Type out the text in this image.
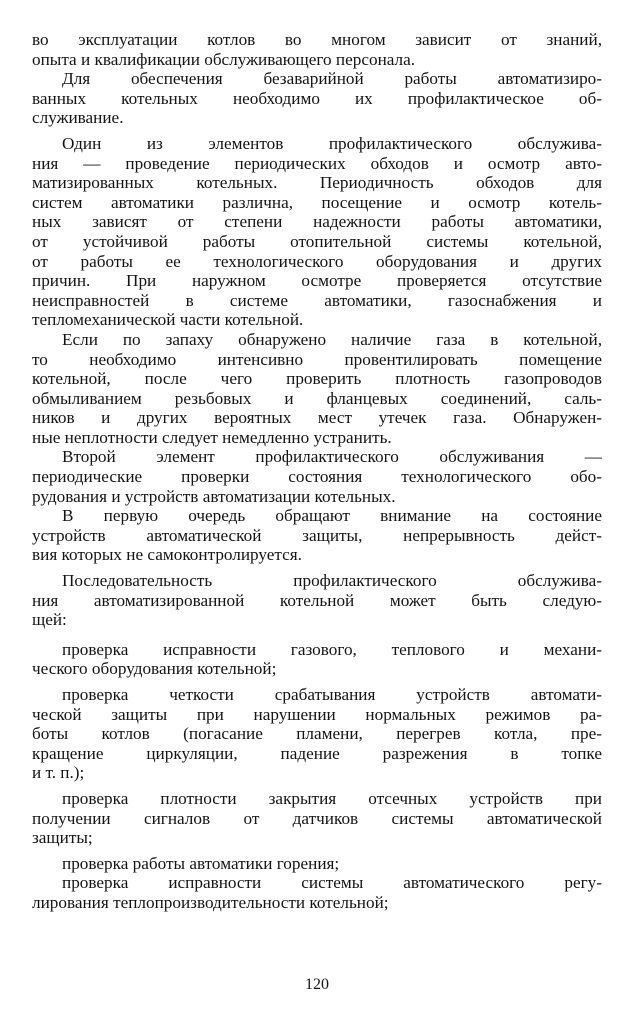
во эксплуатации котлов во многом зависит от знаний,
опыта и квалификации обслуживающего персонала.
Для обеспечения безаварийной работы автоматизиро-
ванных котельных необходимо их профилактическое об-
служивание.
Один из элементов профилактического обслужива-
ния — проведение периодических обходов и осмотр авто-
матизированных котельных. Периодичность обходов для
систем автоматики различна, посещение и осмотр котель-
ных зависят от степени надежности работы автоматики,
от устойчивой работы отопительной системы котельной,
от работы ее технологического оборудования и других
причин. При наружном осмотре проверяется отсутствие
неисправностей в системе автоматики, газоснабжения и
тепломеханической части котельной.
Если по запаху обнаружено наличие газа в котельной,
то необходимо интенсивно провентилировать помещение
котельной, после чего проверить плотность газопроводов
обмыливанием резьбовых и фланцевых соединений, саль-
ников и других вероятных мест утечек газа. Обнаружен-
ные неплотности следует немедленно устранить.
Второй элемент профилактического обслуживания —
периодические проверки состояния технологического обо-
рудования и устройств автоматизации котельных.
В первую очередь обращают внимание на состояние
устройств автоматической защиты, непрерывность дейст-
вия которых не самоконтролируется.
Последовательность профилактического обслужива-
ния автоматизированной котельной может быть следую-
щей:
проверка исправности газового, теплового и механи-
ческого оборудования котельной;
проверка четкости срабатывания устройств автомати-
ческой защиты при нарушении нормальных режимов ра-
боты котлов (погасание пламени, перегрев котла, пре-
кращение циркуляции, падение разрежения в топке
и т. п.);
проверка плотности закрытия отсечных устройств при
получении сигналов от датчиков системы автоматической
защиты;
проверка работы автоматики горения;
проверка исправности системы автоматического регу-
лирования теплопроизводительности котельной;
120
